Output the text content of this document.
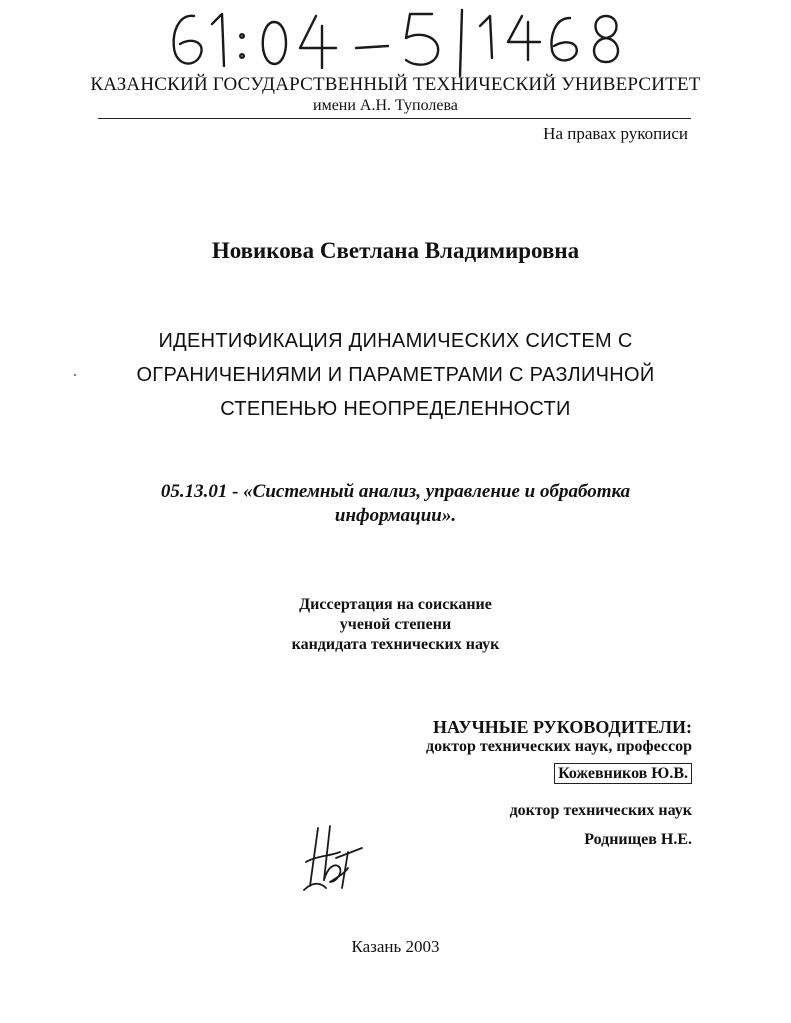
КАЗАНСКИЙ ГОСУДАРСТВЕННЫЙ ТЕХНИЧЕСКИЙ УНИВЕРСИТЕТ
имени А.Н. Туполева
На правах рукописи
Новикова Светлана Владимировна
ИДЕНТИФИКАЦИЯ ДИНАМИЧЕСКИХ СИСТЕМ С
ОГРАНИЧЕНИЯМИ И ПАРАМЕТРАМИ С РАЗЛИЧНОЙ
СТЕПЕНЬЮ НЕОПРЕДЕЛЕННОСТИ
05.13.01 - «Системный анализ, управление и обработка
информации».
Диссертация на соискание
ученой степени
кандидата технических наук
НАУЧНЫЕ РУКОВОДИТЕЛИ:
доктор технических наук, профессор
Кожевников Ю.В.
доктор технических наук
Роднищев Н.Е.
Казань 2003
